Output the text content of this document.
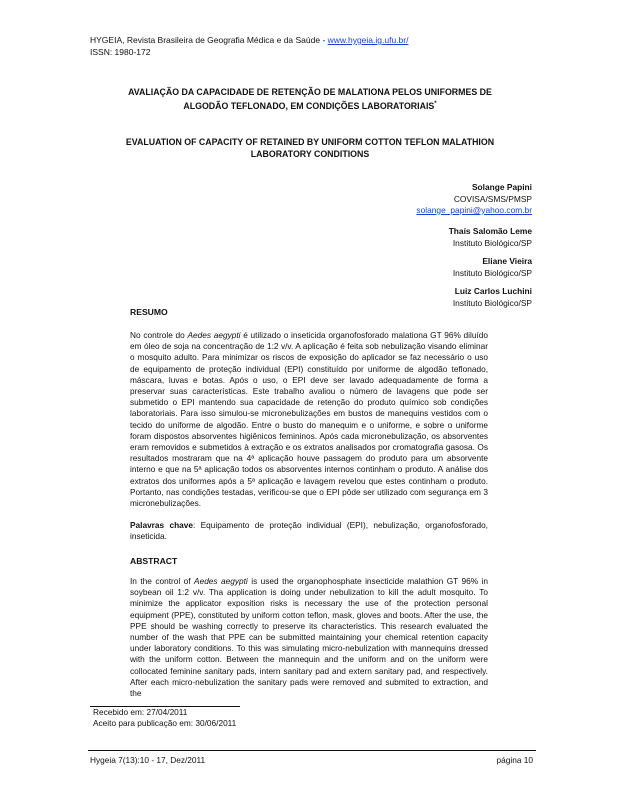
HYGEIA, Revista Brasileira de Geografia Médica e da Saúde - www.hygeia.ig.ufu.br/
ISSN: 1980-172
AVALIAÇÃO DA CAPACIDADE DE RETENÇÃO DE MALATIONA PELOS UNIFORMES DE
ALGODÃO TEFLONADO, EM CONDIÇÕES LABORATORIAIS*
EVALUATION OF CAPACITY OF RETAINED BY UNIFORM COTTON TEFLON MALATHION
LABORATORY CONDITIONS
Solange Papini
COVISA/SMS/PMSP
solange_papini@yahoo.com.br
Thaís Salomão Leme
Instituto Biológico/SP
Eliane Vieira
Instituto Biológico/SP
Luiz Carlos Luchini
Instituto Biológico/SP
RESUMO
No controle do Aedes aegypti é utilizado o inseticida organofosforado malationa GT 96% diluído em óleo de soja na concentração de 1:2 v/v. A aplicação é feita sob nebulização visando eliminar o mosquito adulto. Para minimizar os riscos de exposição do aplicador se faz necessário o uso de equipamento de proteção individual (EPI) constituído por uniforme de algodão teflonado, máscara, luvas e botas. Após o uso, o EPI deve ser lavado adequadamente de forma a preservar suas características. Este trabalho avaliou o número de lavagens que pode ser submetido o EPI mantendo sua capacidade de retenção do produto químico sob condições laboratoriais. Para isso simulou-se micronebulizações em bustos de manequins vestidos com o tecido do uniforme de algodão. Entre o busto do manequim e o uniforme, e sobre o uniforme foram dispostos absorventes higiênicos femininos. Após cada micronebulização, os absorventes eram removidos e submetidos à extração e os extratos analisados por cromatografia gasosa. Os resultados mostraram que na 4ª aplicação houve passagem do produto para um absorvente interno e que na 5ª aplicação todos os absorventes internos continham o produto. A análise dos extratos dos uniformes após a 5ª aplicação e lavagem revelou que estes continham o produto. Portanto, nas condições testadas, verificou-se que o EPI pôde ser utilizado com segurança em 3 micronebulizações.
Palavras chave: Equipamento de proteção individual (EPI), nebulização, organofosforado, inseticida.
ABSTRACT
In the control of Aedes aegypti is used the organophosphate insecticide malathion GT 96% in soybean oil 1:2 v/v. Tha application is doing under nebulization to kill the adult mosquito. To minimize the applicator exposition risks is necessary the use of the protection personal equipment (PPE), constituted by uniform cotton teflon, mask, gloves and boots. After the use, the PPE should be washing correctly to preserve its characteristics. This research evaluated the number of the wash that PPE can be submitted maintaining your chemical retention capacity under laboratory conditions. To this was simulating micro-nebulization with mannequins dressed with the uniform cotton. Between the mannequin and the uniform and on the uniform were collocated feminine sanitary pads, intern sanitary pad and extern sanitary pad, and respectively. After each micro-nebulization the sanitary pads were removed and submited to extraction, and the
Recebido em: 27/04/2011
Aceito para publicação em: 30/06/2011
Hygeia 7(13):10 - 17, Dez/2011	página 10
